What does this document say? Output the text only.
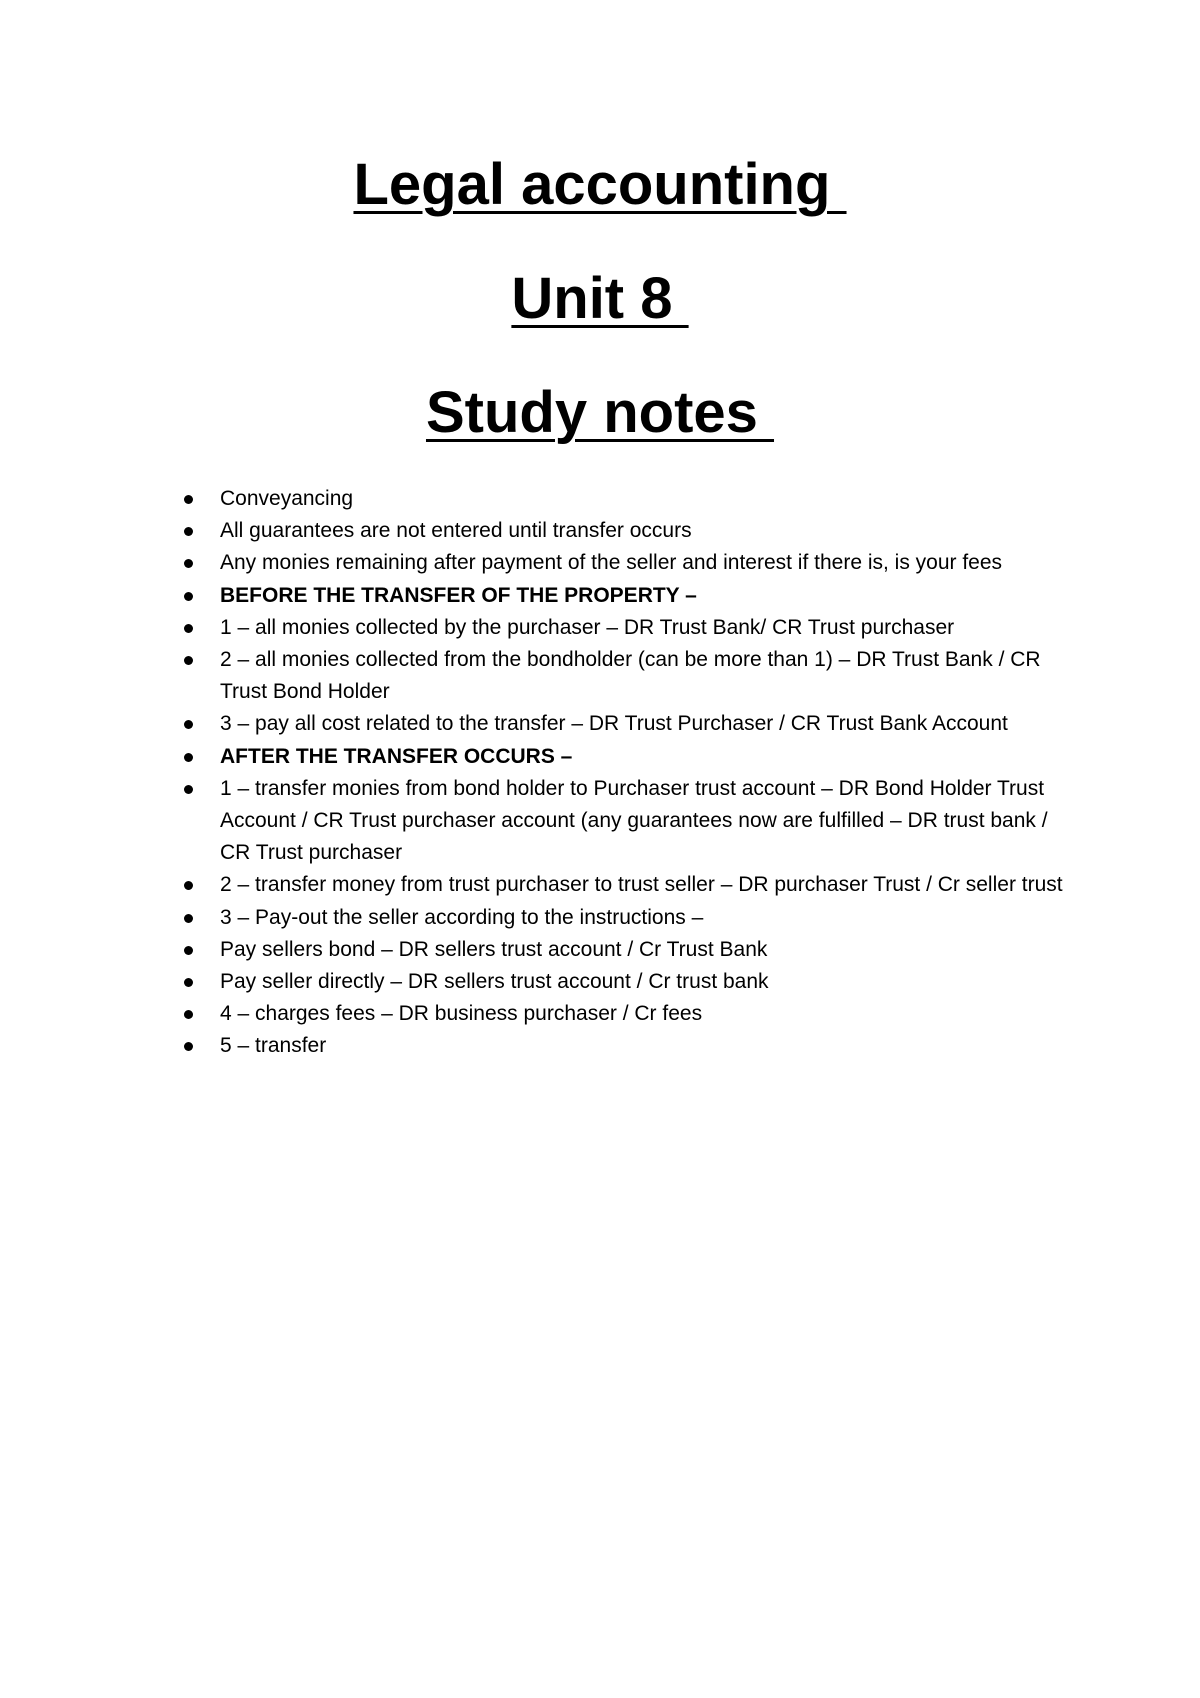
Legal accounting
Unit 8
Study notes
Conveyancing
All guarantees are not entered until transfer occurs
Any monies remaining after payment of the seller and interest if there is, is your fees
BEFORE THE TRANSFER OF THE PROPERTY –
1 – all monies collected by the purchaser – DR Trust Bank/ CR Trust purchaser
2 – all monies collected from the bondholder (can be more than 1) – DR Trust Bank / CR Trust Bond Holder
3 – pay all cost related to the transfer – DR Trust Purchaser / CR Trust Bank Account
AFTER THE TRANSFER OCCURS –
1 – transfer monies from bond holder to Purchaser trust account – DR Bond Holder Trust Account / CR Trust purchaser account (any guarantees now are fulfilled – DR trust bank / CR Trust purchaser
2 – transfer money from trust purchaser to trust seller – DR purchaser Trust / Cr seller trust
3 – Pay-out the seller according to the instructions –
Pay sellers bond – DR sellers trust account / Cr Trust Bank
Pay seller directly – DR sellers trust account / Cr trust bank
4 – charges fees – DR business purchaser / Cr fees
5 – transfer
